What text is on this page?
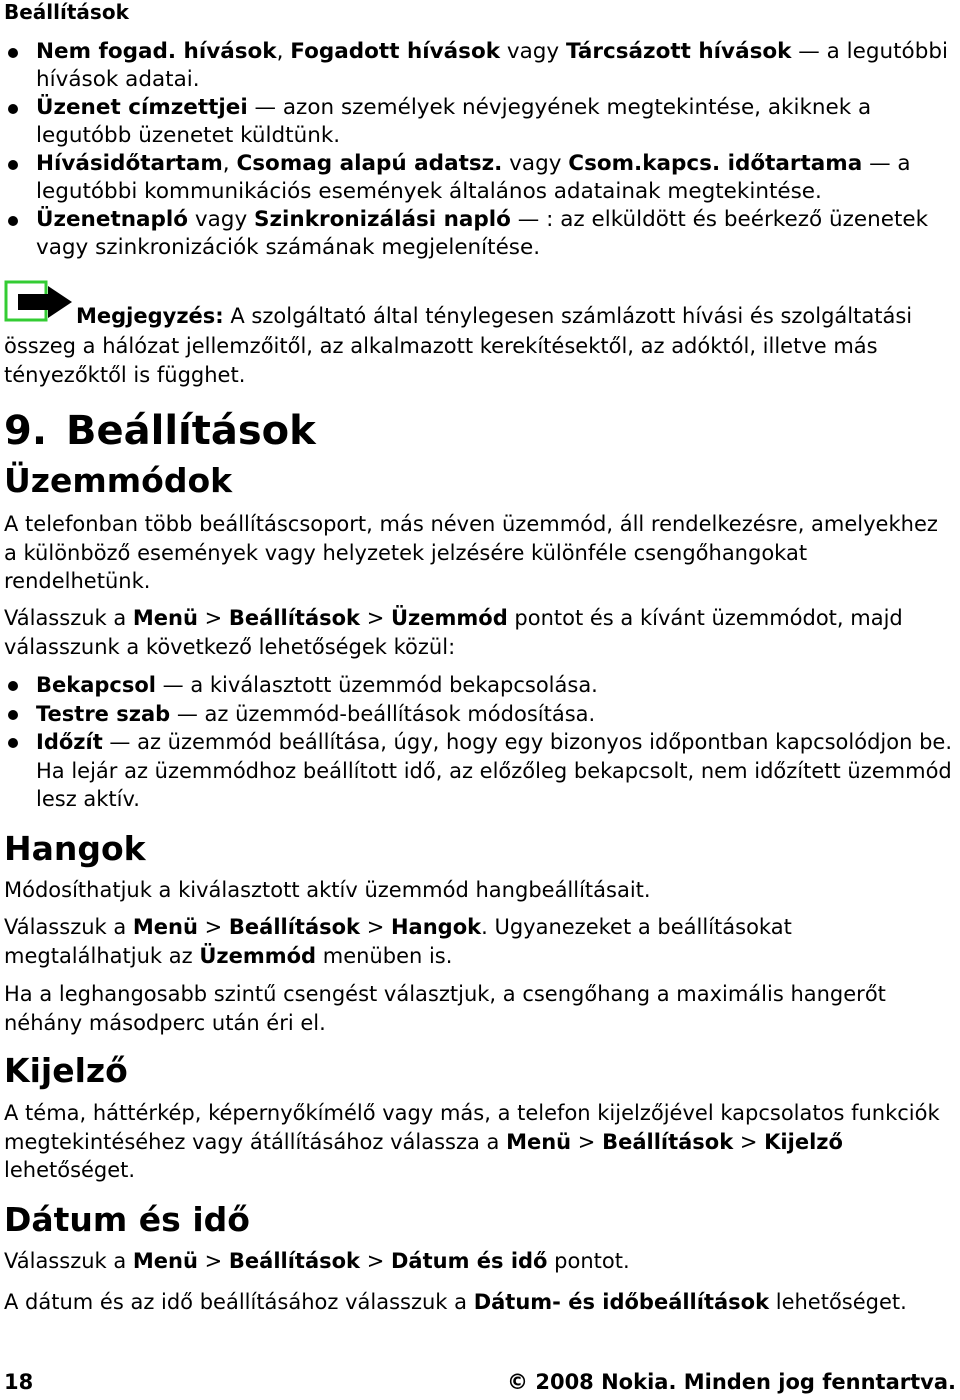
Beállítások
Nem fogad. hívások, Fogadott hívások vagy Tárcsázott hívások — a legutóbbi hívások adatai.
Üzenet címzettjei — azon személyek névjegyének megtekintése, akiknek a legutóbb üzenetet küldtünk.
Hívásidőtartam, Csomag alapú adatsz. vagy Csom.kapcs. időtartama — a legutóbbi kommunikációs események általános adatainak megtekintése.
Üzenetnapló vagy Szinkronizálási napló — : az elküldött és beérkező üzenetek vagy szinkronizációk számának megjelenítése.

Megjegyzés: A szolgáltató által ténylegesen számlázott hívási és szolgáltatási összeg a hálózat jellemzőitől, az alkalmazott kerekítésektől, az adóktól, illetve más tényezőktől is függhet.

9. Beállítások
Üzemmódok

A telefonban több beállításcsoport, más néven üzemmód, áll rendelkezésre, amelyekhez a különböző események vagy helyzetek jelzésére különféle csengőhangokat rendelhetünk.

Válasszuk a Menü > Beállítások > Üzemmód pontot és a kívánt üzemmódot, majd válasszunk a következő lehetőségek közül:

Bekapcsol — a kiválasztott üzemmód bekapcsolása.
Testre szab — az üzemmód-beállítások módosítása.
Időzít — az üzemmód beállítása, úgy, hogy egy bizonyos időpontban kapcsolódjon be. Ha lejár az üzemmódhoz beállított idő, az előzőleg bekapcsolt, nem időzített üzemmód lesz aktív.
Hangok

Módosíthatjuk a kiválasztott aktív üzemmód hangbeállításait.

Válasszuk a Menü > Beállítások > Hangok. Ugyanezeket a beállításokat megtalálhatjuk az Üzemmód menüben is.

Ha a leghangosabb szintű csengést választjuk, a csengőhang a maximális hangerőt néhány másodperc után éri el.

Kijelző

A téma, háttérkép, képernyőkímélő vagy más, a telefon kijelzőjével kapcsolatos funkciók megtekintéséhez vagy átállításához válassza a Menü > Beállítások > Kijelző lehetőséget.

Dátum és idő

Válasszuk a Menü > Beállítások > Dátum és idő pontot.

A dátum és az idő beállításához válasszuk a Dátum- és időbeállítások lehetőséget.

18	© 2008 Nokia. Minden jog fenntartva.
